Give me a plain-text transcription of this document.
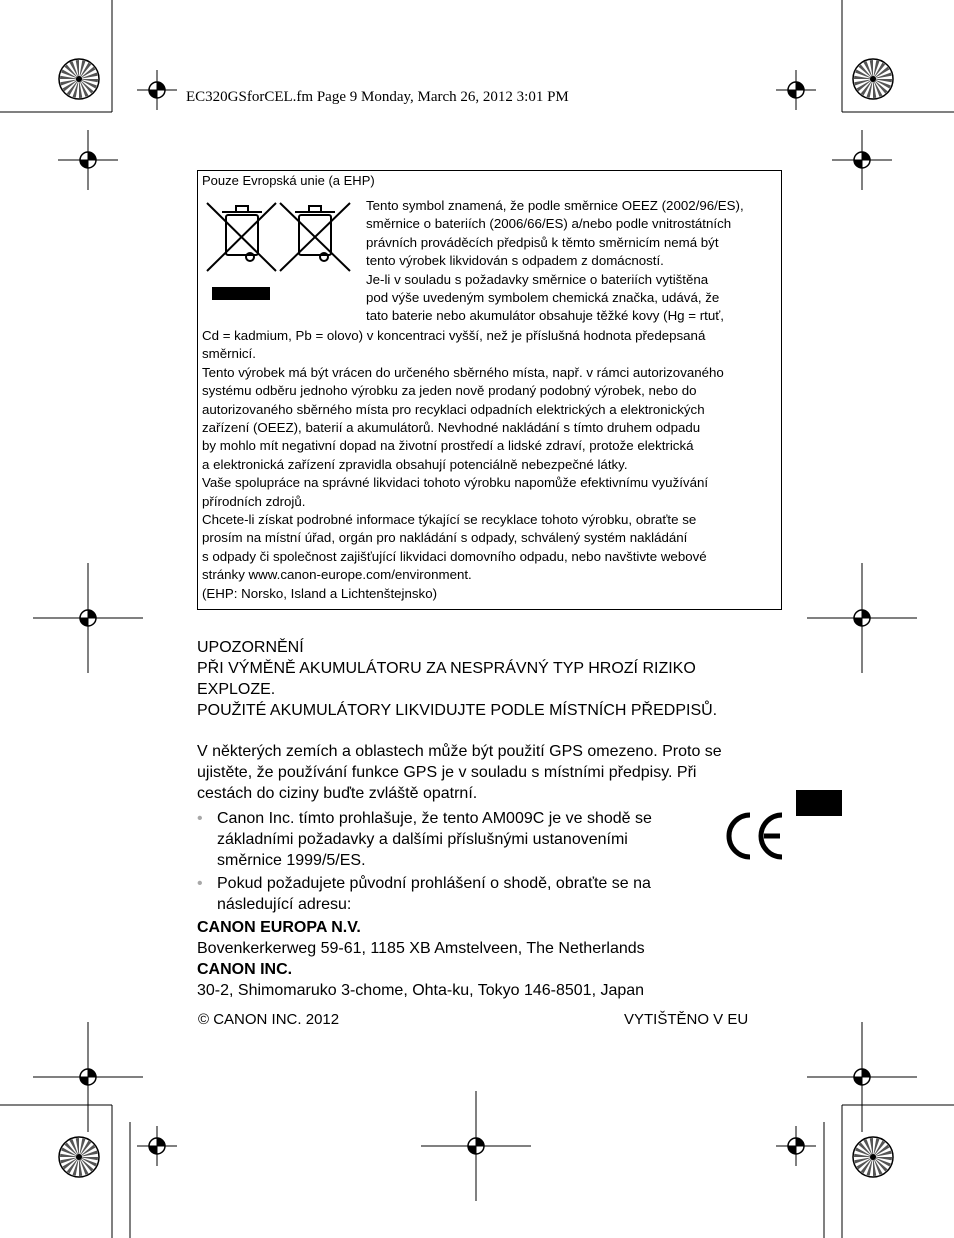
EC320GSforCEL.fm Page 9 Monday, March 26, 2012 3:01 PM
Pouze Evropská unie (a EHP)
Tento symbol znamená, že podle směrnice OEEZ (2002/96/ES),
směrnice o bateriích (2006/66/ES) a/nebo podle vnitrostátních
právních prováděcích předpisů k těmto směrnicím nemá být
tento výrobek likvidován s odpadem z domácností.
Je-li v souladu s požadavky směrnice o bateriích vytištěna
pod výše uvedeným symbolem chemická značka, udává, že
tato baterie nebo akumulátor obsahuje těžké kovy (Hg = rtuť,
Cd = kadmium, Pb = olovo) v koncentraci vyšší, než je příslušná hodnota předepsaná
směrnicí.
Tento výrobek má být vrácen do určeného sběrného místa, např. v rámci autorizovaného
systému odběru jednoho výrobku za jeden nově prodaný podobný výrobek, nebo do
autorizovaného sběrného místa pro recyklaci odpadních elektrických a elektronických
zařízení (OEEZ), baterií a akumulátorů. Nevhodné nakládání s tímto druhem odpadu
by mohlo mít negativní dopad na životní prostředí a lidské zdraví, protože elektrická
a elektronická zařízení zpravidla obsahují potenciálně nebezpečné látky.
Vaše spolupráce na správné likvidaci tohoto výrobku napomůže efektivnímu využívání
přírodních zdrojů.
Chcete-li získat podrobné informace týkající se recyklace tohoto výrobku, obraťte se
prosím na místní úřad, orgán pro nakládání s odpady, schválený systém nakládání
s odpady či společnost zajišťující likvidaci domovního odpadu, nebo navštivte webové
stránky www.canon-europe.com/environment.
(EHP: Norsko, Island a Lichtenštejnsko)
UPOZORNĚNÍ
PŘI VÝMĚNĚ AKUMULÁTORU ZA NESPRÁVNÝ TYP HROZÍ RIZIKO
EXPLOZE.
POUŽITÉ AKUMULÁTORY LIKVIDUJTE PODLE MÍSTNÍCH PŘEDPISŮ.
V některých zemích a oblastech může být použití GPS omezeno. Proto se
ujistěte, že používání funkce GPS je v souladu s místními předpisy. Při
cestách do ciziny buďte zvláště opatrní.
• Canon Inc. tímto prohlašuje, že tento AM009C je ve shodě se
základními požadavky a dalšími příslušnými ustanoveními
směrnice 1999/5/ES.
• Pokud požadujete původní prohlášení o shodě, obraťte se na
následující adresu:
CANON EUROPA N.V.
Bovenkerkerweg 59-61, 1185 XB Amstelveen, The Netherlands
CANON INC.
30-2, Shimomaruko 3-chome, Ohta-ku, Tokyo 146-8501, Japan
© CANON INC. 2012	VYTIŠTĚNO V EU
